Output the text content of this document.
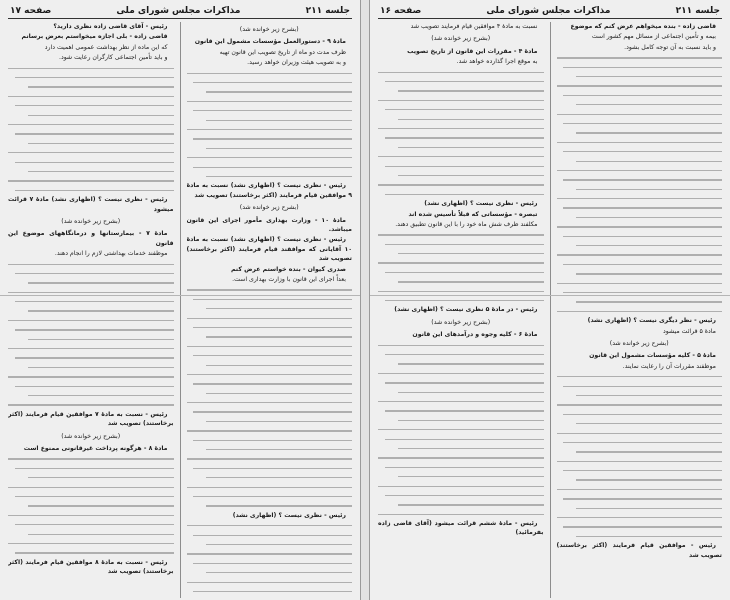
جلسه ۲۱۱
مذاکرات مجلس شورای ملی
صفحه ۱۷

(بشرح زیر خوانده شد)

مادهٔ ۹ - دستورالعمل مؤسسات مشمول این قانون

ظرف مدت دو ماه از تاریخ تصویب این قانون تهیه

و به تصویب هیئت وزیران خواهد رسید.

رئیس - نظری نیست ؟ (اظهاری نشد) نسبت به مادهٔ ۹ موافقین قیام فرمایند (اکثر برخاستند) تصویب شد

(بشرح زیر خوانده شد)

مادهٔ ۱۰ - وزارت بهداری مأمور اجرای این قانون میباشد.

رئیس - نظری نیست ؟ (اظهاری نشد) نسبت به مادهٔ ۱۰ آقایانی که موافقند قیام فرمایند (اکثر برخاستند) تصویب شد

صدری کیوان - بنده خواستم عرض کنم

بعداً اجرای این قانون با وزارت بهداری است.

رئیس - نظری نیست ؟ (اظهاری نشد)

رئیس - آقای قاضی زاده نظری دارید؟

قاضی زاده - بلی اجازه میخواستم بعرض برسانم

که این ماده از نظر بهداشت عمومی اهمیت دارد

و باید تأمین اجتماعی کارگران رعایت شود.

رئیس - نظری نیست ؟ (اظهاری نشد) مادهٔ ۷ قرائت میشود

(بشرح زیر خوانده شد)

مادهٔ ۷ - بیمارستانها و درمانگاههای موضوع این قانون

موظفند خدمات بهداشتی لازم را انجام دهند.

رئیس - نسبت به مادهٔ ۷ موافقین قیام فرمایند (اکثر برخاستند) تصویب شد

(بشرح زیر خوانده شد)

مادهٔ ۸ - هرگونه پرداخت غیرقانونی ممنوع است

رئیس - نسبت به مادهٔ ۸ موافقین قیام فرمایند (اکثر برخاستند) تصویب شد

جلسه ۲۱۱
مذاکرات مجلس شورای ملی
صفحه ۱۶

قاضی زاده - بنده میخواهم عرض کنم که موضوع

بیمه و تأمین اجتماعی از مسائل مهم کشور است

و باید نسبت به آن توجه کامل بشود.

رئیس - نظر دیگری نیست ؟ (اظهاری نشد)

مادهٔ ۵ قرائت میشود

(بشرح زیر خوانده شد)

مادهٔ ۵ - کلیه مؤسسات مشمول این قانون

موظفند مقررات آن را رعایت نمایند.

رئیس - موافقین قیام فرمایند (اکثر برخاستند) تصویب شد

نسبت به مادهٔ ۴ موافقین قیام فرمایند تصویب شد

(بشرح زیر خوانده شد)

مادهٔ ۴ - مقررات این قانون از تاریخ تصویب

به موقع اجرا گذارده خواهد شد.

رئیس - نظری نیست ؟ (اظهاری نشد)

تبصره - مؤسساتی که قبلاً تأسیس شده اند

مکلفند ظرف شش ماه خود را با این قانون تطبیق دهند.

رئیس - در مادهٔ ۵ نظری نیست ؟ (اظهاری نشد)

(بشرح زیر خوانده شد)

مادهٔ ۶ - کلیه وجوه و درآمدهای این قانون

رئیس - مادهٔ ششم قرائت میشود (آقای قاضی زاده بفرمائید)
